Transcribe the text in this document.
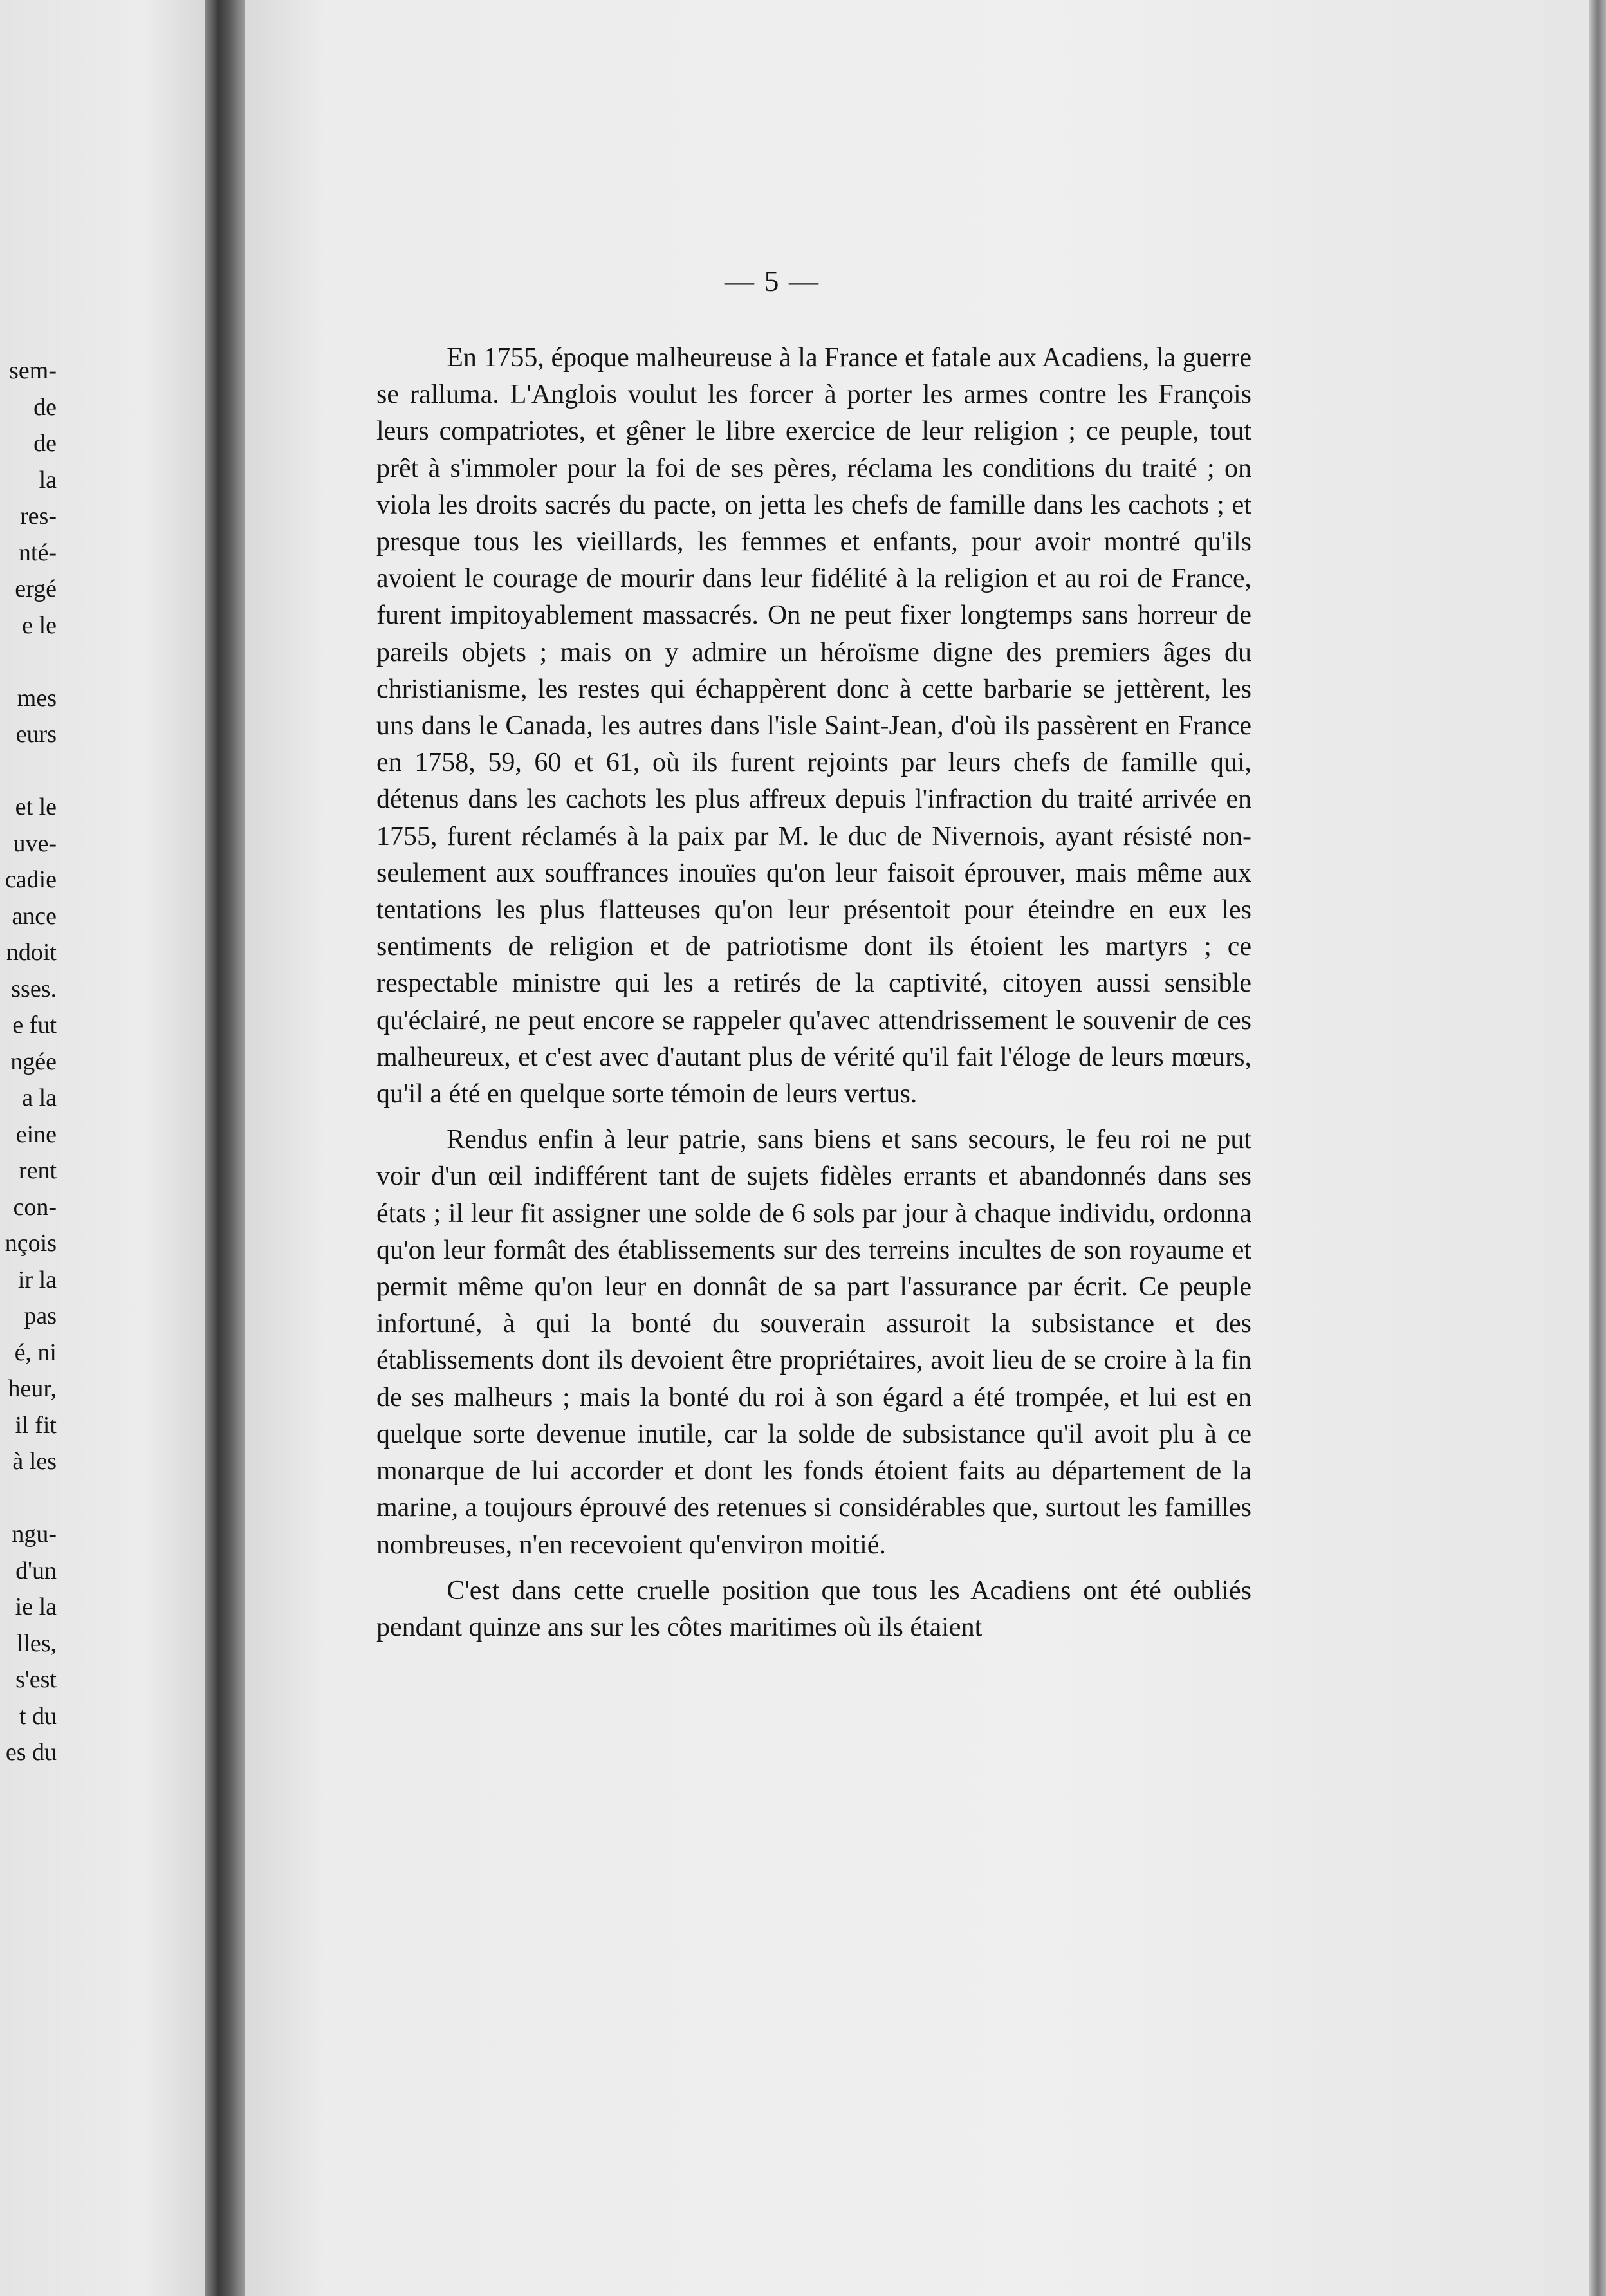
sem-
de
de
la
res-
nté-
ergé
e le
mes
eurs
et le
uve-
cadie
ance
ndoit
sses.
e fut
ngée
a la
eine
rent
con-
nçois
ir la
pas
é, ni
heur,
il fit
à les
ngu-
d'un
ie la
lles,
s'est
t du
es du
— 5 —

En 1755, époque malheureuse à la France et fatale aux Acadiens, la guerre se ralluma. L'Anglois voulut les forcer à porter les armes contre les François leurs compatriotes, et gêner le libre exercice de leur religion ; ce peuple, tout prêt à s'immoler pour la foi de ses pères, réclama les conditions du traité ; on viola les droits sacrés du pacte, on jetta les chefs de famille dans les cachots ; et presque tous les vieillards, les femmes et enfants, pour avoir montré qu'ils avoient le courage de mourir dans leur fidélité à la religion et au roi de France, furent impitoyablement massacrés. On ne peut fixer longtemps sans horreur de pareils objets ; mais on y admire un héroïsme digne des premiers âges du christianisme, les restes qui échappèrent donc à cette barbarie se jettèrent, les uns dans le Canada, les autres dans l'isle Saint-Jean, d'où ils passèrent en France en 1758, 59, 60 et 61, où ils furent rejoints par leurs chefs de famille qui, détenus dans les cachots les plus affreux depuis l'infraction du traité arrivée en 1755, furent réclamés à la paix par M. le duc de Nivernois, ayant résisté non-seulement aux souffrances inouïes qu'on leur faisoit éprouver, mais même aux tentations les plus flatteuses qu'on leur présentoit pour éteindre en eux les sentiments de religion et de patriotisme dont ils étoient les martyrs ; ce respectable ministre qui les a retirés de la captivité, citoyen aussi sensible qu'éclairé, ne peut encore se rappeler qu'avec attendrissement le souvenir de ces malheureux, et c'est avec d'autant plus de vérité qu'il fait l'éloge de leurs mœurs, qu'il a été en quelque sorte témoin de leurs vertus.

Rendus enfin à leur patrie, sans biens et sans secours, le feu roi ne put voir d'un œil indifférent tant de sujets fidèles errants et abandonnés dans ses états ; il leur fit assigner une solde de 6 sols par jour à chaque individu, ordonna qu'on leur formât des établissements sur des terreins incultes de son royaume et permit même qu'on leur en donnât de sa part l'assurance par écrit. Ce peuple infortuné, à qui la bonté du souverain assuroit la subsistance et des établissements dont ils devoient être propriétaires, avoit lieu de se croire à la fin de ses malheurs ; mais la bonté du roi à son égard a été trompée, et lui est en quelque sorte devenue inutile, car la solde de subsistance qu'il avoit plu à ce monarque de lui accorder et dont les fonds étoient faits au département de la marine, a toujours éprouvé des retenues si considérables que, surtout les familles nombreuses, n'en recevoient qu'environ moitié.

C'est dans cette cruelle position que tous les Acadiens ont été oubliés pendant quinze ans sur les côtes maritimes où ils étaient
